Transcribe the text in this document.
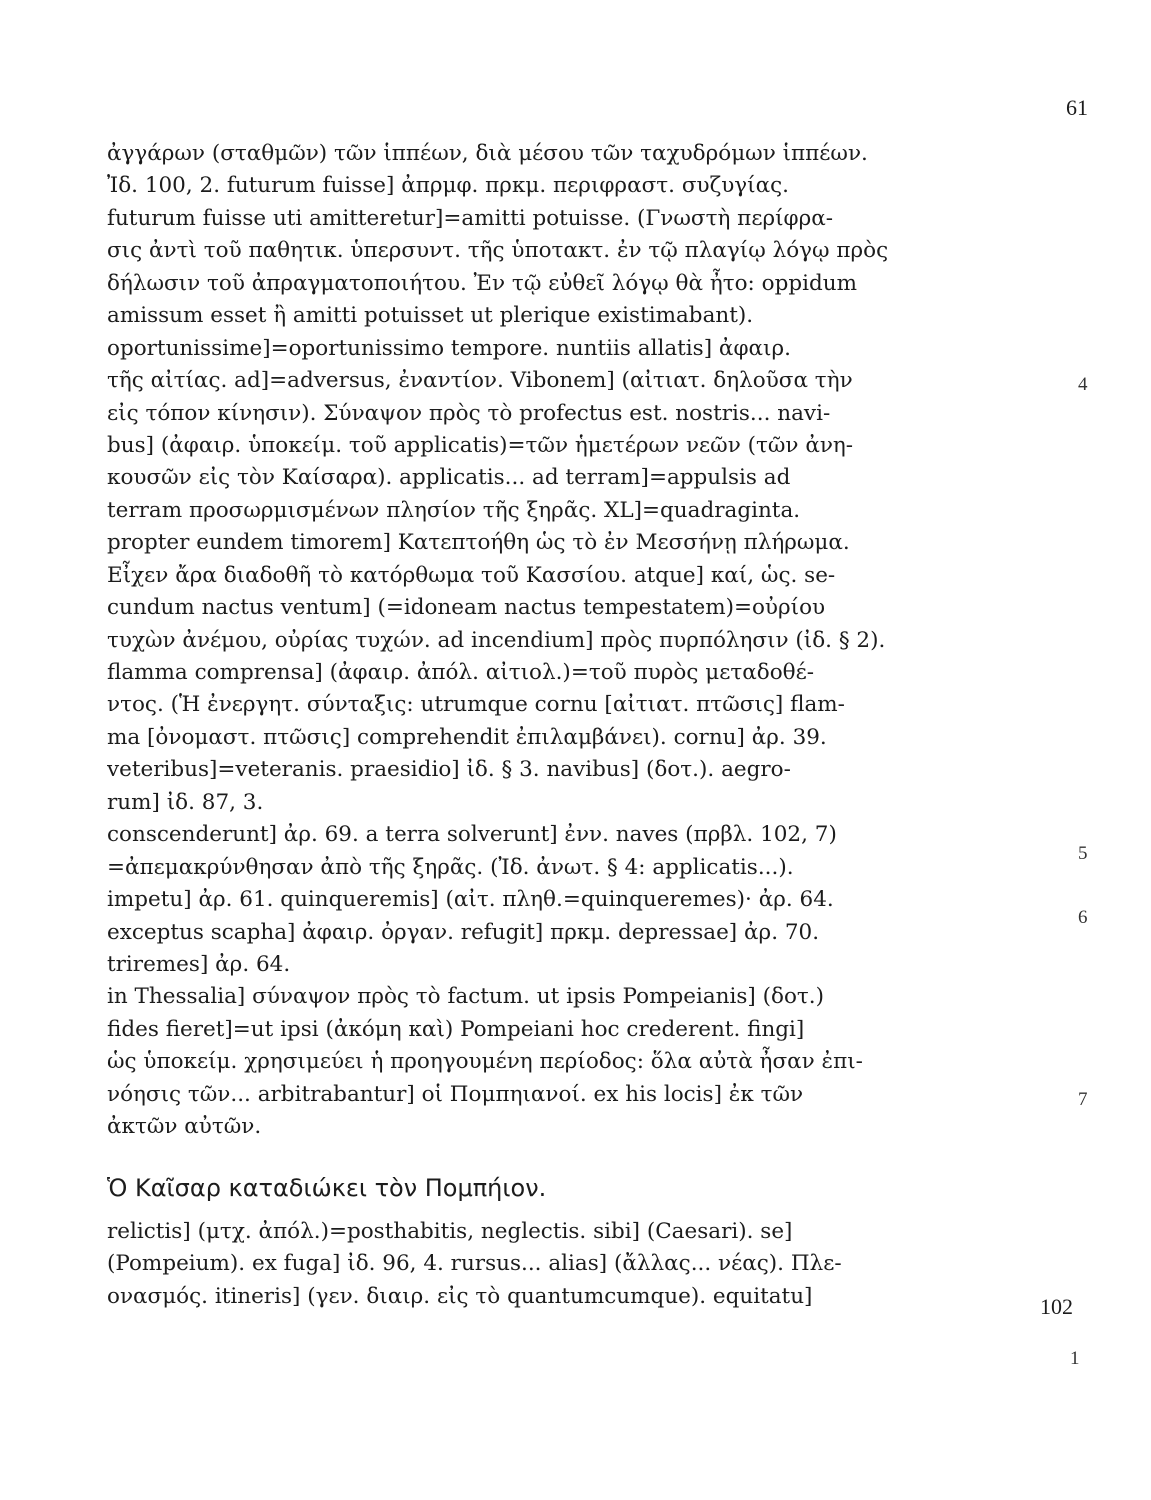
61
ἀγγάρων (σταθμῶν) τῶν ἱππέων, διὰ μέσου τῶν ταχυδρόμων ἱππέων.
Ἰδ. 100, 2. futurum fuisse] ἀπρμφ. πρκμ. περιφραστ. συζυγίας.
futurum fuisse uti amitteretur]=amitti potuisse. (Γνωστὴ περίφρα-
σις ἀντὶ τοῦ παθητικ. ὑπερσυντ. τῆς ὑποτακτ. ἐν τῷ πλαγίῳ λόγῳ πρὸς
δήλωσιν τοῦ ἀπραγματοποιήτου. Ἐν τῷ εὐθεῖ λόγῳ θὰ ἦτο: oppidum
amissum esset ἢ amitti potuisset ut plerique existimabant).
oportunissime]=oportunissimo tempore. nuntiis allatis] ἀφαιρ.
τῆς αἰτίας. ad]=adversus, ἐναντίον. Vibonem] (αἰτιατ. δηλοῦσα τὴν
εἰς τόπον κίνησιν). Σύναψον πρὸς τὸ profectus est. nostris... navi-
bus] (ἀφαιρ. ὑποκείμ. τοῦ applicatis)=τῶν ἡμετέρων νεῶν (τῶν ἀνη-
κουσῶν εἰς τὸν Καίσαρα). applicatis... ad terram]=appulsis ad
terram προσωρμισμένων πλησίον τῆς ξηρᾶς. XL]=quadraginta.
propter eundem timorem] Κατεπτοήθη ὡς τὸ ἐν Μεσσήνῃ πλήρωμα.
Εἶχεν ἄρα διαδοθῆ τὸ κατόρθωμα τοῦ Κασσίου. atque] καί, ὡς. se-
cundum nactus ventum] (=idoneam nactus tempestatem)=οὐρίου
τυχὼν ἀνέμου, οὐρίας τυχών. ad incendium] πρὸς πυρπόλησιν (ἰδ. § 2).
flamma comprensa] (ἀφαιρ. ἀπόλ. αἰτιολ.)=τοῦ πυρὸς μεταδοθέ-
ντος. (Ἡ ἐνεργητ. σύνταξις: utrumque cornu [αἰτιατ. πτῶσις] flam-
ma [ὀνομαστ. πτῶσις] comprehendit ἐπιλαμβάνει). cornu] ἀρ. 39.
veteribus]=veteranis. praesidio] ἰδ. § 3. navibus] (δοτ.). aegro-
rum] ἰδ. 87, 3.
conscenderunt] ἀρ. 69. a terra solverunt] ἐνν. naves (πρβλ. 102, 7)
=ἀπεμακρύνθησαν ἀπὸ τῆς ξηρᾶς. (Ἰδ. ἀνωτ. § 4: applicatis...).
impetu] ἀρ. 61. quinqueremis] (αἰτ. πληθ.=quinqueremes)· ἀρ. 64.
exceptus scapha] ἀφαιρ. ὀργαν. refugit] πρκμ. depressae] ἀρ. 70.
triremes] ἀρ. 64.
in Thessalia] σύναψον πρὸς τὸ factum. ut ipsis Pompeianis] (δοτ.)
fides fieret]=ut ipsi (ἀκόμη καὶ) Pompeiani hoc crederent. fingi]
ὡς ὑποκείμ. χρησιμεύει ἡ προηγουμένη περίοδος: ὅλα αὐτὰ ἦσαν ἐπι-
νόησις τῶν... arbitrabantur] οἱ Πομπηιανοί. ex his locis] ἐκ τῶν
ἀκτῶν αὐτῶν.
Ὁ Καῖσαρ καταδιώκει τὸν Πομπήιον.
relictis] (μτχ. ἀπόλ.)=posthabitis, neglectis. sibi] (Caesari). se]
(Pompeium). ex fuga] ἰδ. 96, 4. rursus... alias] (ἄλλας... νέας). Πλε-
ονασμός. itineris] (γεν. διαιρ. εἰς τὸ quantumcumque). equitatu]
4
5
6
7
102
1
